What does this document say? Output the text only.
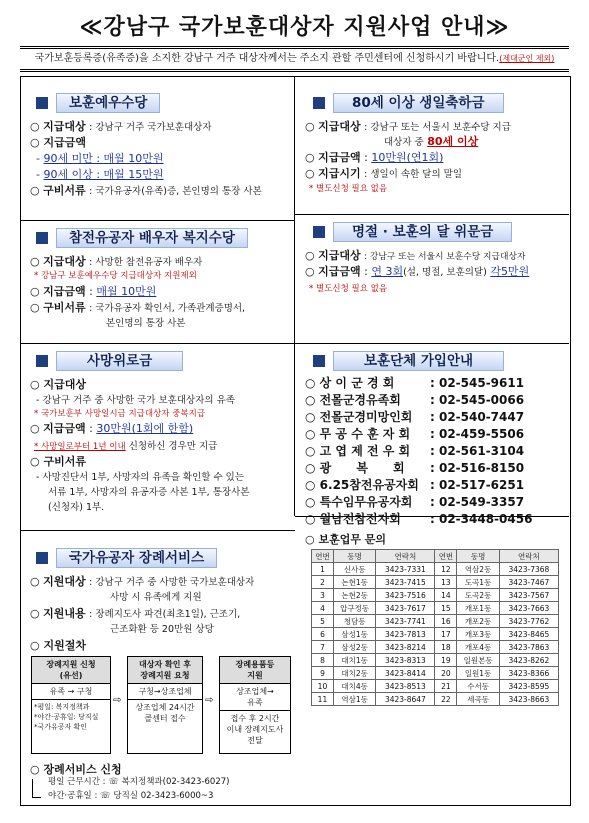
≪강남구 국가보훈대상자 지원사업 안내≫
국가보훈등록증(유족증)을 소지한 강남구 거주 대상자께서는 주소지 관할 주민센터에 신청하시기 바랍니다.(제대군인 제외)
보훈예우수당
○ 지급대상 : 강남구 거주 국가보훈대상자
○ 지급금액
- 90세 미만 : 매월 10만원
- 90세 이상 : 매월 15만원
○ 구비서류 : 국가유공자(유족)증, 본인명의 통장 사본
참전유공자 배우자 복지수당
○ 지급대상 : 사망한 참전유공자 배우자
* 강남구 보훈예우수당 지급대상자 지원제외
○ 지급금액 : 매월 10만원
○ 구비서류 : 국가유공자 확인서, 가족관계증명서,
본인명의 통장 사본
사망위로금
○ 지급대상
- 강남구 거주 중 사망한 국가 보훈대상자의 유족
* 국가보훈부 사망일시금 지급대상자 중복지급
○ 지급금액 : 30만원(1회에 한함)
* 사망일로부터 1년 이내 신청하신 경우만 지급
○ 구비서류
- 사망진단서 1부, 사망자의 유족을 확인할 수 있는
서류 1부, 사망자의 유공자증 사본 1부, 통장사본
(신청자) 1부.
국가유공자 장례서비스
○ 지원대상 : 강남구 거주 중 사망한 국가보훈대상자
사망 시 유족에게 지원
○ 지원내용 : 장례지도사 파견(최초1일), 근조기,
근조화환 등 20만원 상당
○ 지원절차
장례지원 신청
(유선)
유족 → 구청
*평일: 복지정책과
*야간·공휴일: 당직실
*국가유공자 확인
⇨
대상자 확인 후
장례지원 요청
구청→상조업체
상조업체 24시간
콜센터 접수
⇨
장례용품등
지원
상조업체→
유족
접수 후 2시간
이내 장례지도사
전달
○ 장례서비스 신청
평일 근무시간 : ☏ 복지정책과(02-3423-6027)
야간·공휴일 : ☏ 당직실 02-3423-6000~3
80세 이상 생일축하금
○ 지급대상 : 강남구 또는 서울시 보훈수당 지급
대상자 중 80세 이상
○ 지급금액 : 10만원(연1회)
○ 지급시기 : 생일이 속한 달의 말일
* 별도신청 필요 없음
명절 · 보훈의 달 위문금
○ 지급대상 : 강남구 또는 서울시 보훈수당 지급대상자
○ 지급금액 : 연 3회(설, 명절, 보훈의달) 각5만원
* 별도신청 필요 없음
보훈단체 가입안내
○ 상 이 군 경 회	: 02-545-9611
○ 전몰군경유족회 : 02-545-0066
○ 전몰군경미망인회 : 02-540-7447
○ 무 공 수 훈 자 회 : 02-459-5506
○ 고 엽 제 전 우 회 : 02-561-3104
○ 광      복      회 : 02-516-8150
○ 6.25참전유공자회 : 02-517-6251
○ 특수임무유공자회 : 02-549-3357
○ 월남전참전자회 : 02-3448-0456
○ 보훈업무 문의
연번	동명	연락처	연번	동명	연락처
1	신사동	3423-7331	12	역삼2동	3423-7368
2	논현1동	3423-7415	13	도곡1동	3423-7467
3	논현2동	3423-7516	14	도곡2동	3423-7567
4	압구정동	3423-7617	15	개포1동	3423-7663
5	청담동	3423-7741	16	개포2동	3423-7762
6	삼성1동	3423-7813	17	개포3동	3423-8465
7	삼성2동	3423-8214	18	개포4동	3423-7863
8	대치1동	3423-8313	19	일원본동	3423-8262
9	대치2동	3423-8414	20	일원1동	3423-8366
10	대치4동	3423-8513	21	수서동	3423-8595
11	역삼1동	3423-8647	22	세곡동	3423-8663
